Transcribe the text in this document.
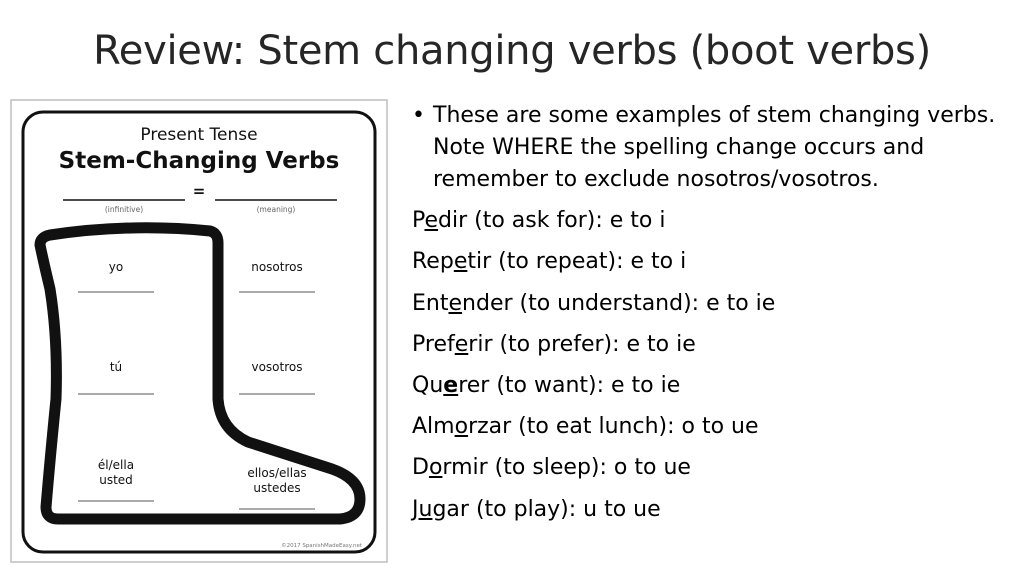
Review: Stem changing verbs (boot verbs)
Present Tense
Stem-Changing Verbs
=
(infinitive)	(meaning)
yo
tú
él/ella
usted
nosotros
vosotros
ellos/ellas
ustedes
©2017 SpanishMadeEasy.net
• These are some examples of stem changing verbs. Note WHERE the spelling change occurs and remember to exclude nosotros/vosotros.
Pedir (to ask for): e to i
Repetir (to repeat): e to i
Entender (to understand): e to ie
Preferir (to prefer): e to ie
Querer (to want): e to ie
Almorzar (to eat lunch): o to ue
Dormir (to sleep): o to ue
Jugar (to play): u to ue
